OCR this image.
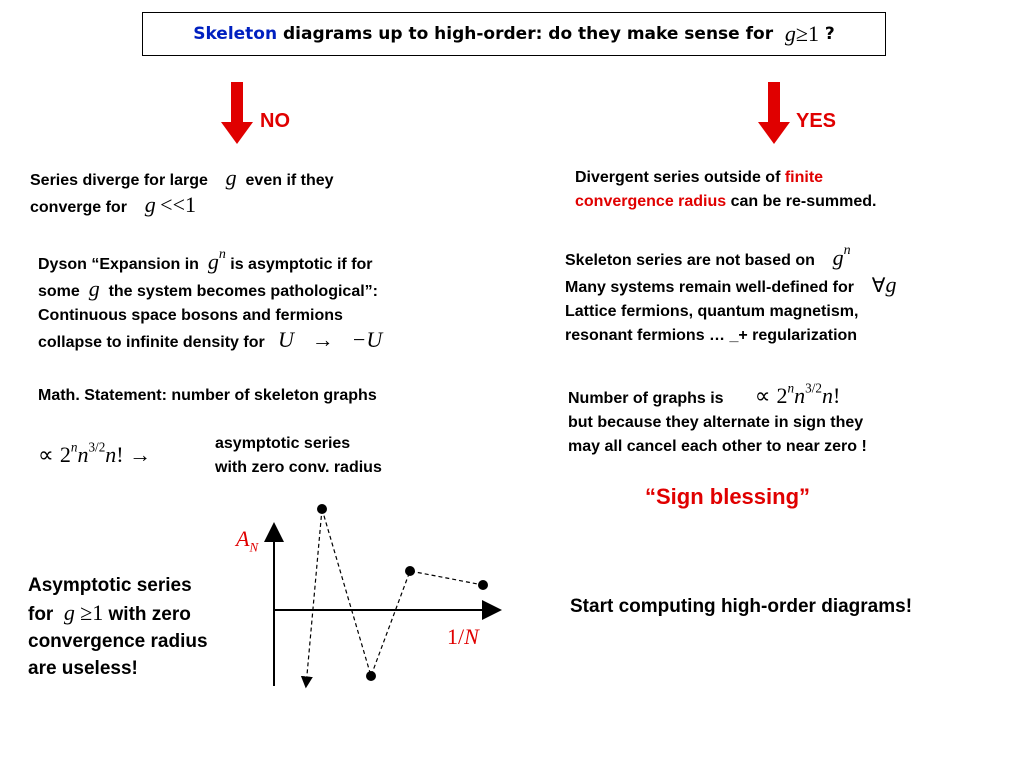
Skeleton
diagrams up to high-order: do they make sense for
g ≥1
?
NO	YES
Series diverge for large g even if they
converge for g <<1
Dyson “Expansion in $g^n$ is asymptotic if for
some g the system becomes pathological”:
Continuous space bosons and fermions
collapse to infinite density for U → −U
Math. Statement: number of skeleton graphs
∝ $2^nn^{3/2}n$! →	asymptotic series
with zero conv. radius
Asymptotic series
for g ≥1 with zero
convergence radius
are useless!
$A_N$
1/N
Divergent series outside of finite
convergence radius can be re-summed.
Skeleton series are not based on $g^n$
Many systems remain well-defined for ∀g
Lattice fermions, quantum magnetism,
resonant fermions … _+ regularization
Number of graphs is ∝ $2^nn^{3/2}n$!
but because they alternate in sign they
may all cancel each other to near zero !
“Sign blessing”
Start computing high-order diagrams!
